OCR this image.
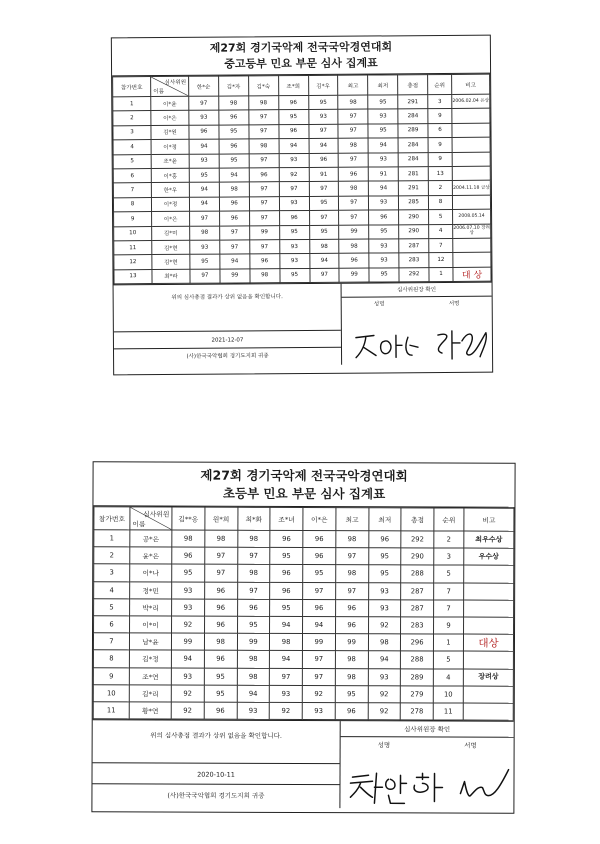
제27회 경기국악제 전국국악경연대회
중고등부 민요 부문 심사 집계표
참가번호	심사위원
이름	한*순	김*자	김*숙	조*희	김*우	최고	최저	총점	순위	비고
1	이*윤	97	98	98	96	95	98	95	291	3	2006.02.04 은상
2	이*은	93	96	97	95	93	97	93	284	9	
3	김*원	96	95	97	96	97	97	95	289	6	
4	이*정	94	96	98	94	94	98	94	284	9	
5	조*윤	93	95	97	93	96	97	93	284	9	
6	이*홍	95	94	96	92	91	96	91	281	13	
7	한*우	94	98	97	97	97	98	94	291	2	2004.11.18 금상
8	이*정	94	96	97	93	95	97	93	285	8	
9	이*은	97	96	97	96	97	97	96	290	5	2008.05.14
10	김*미	98	97	99	95	95	99	95	290	4	2006.07.10 장려상
11	김*현	93	97	97	93	98	98	93	287	7	
12	김*현	95	94	96	93	94	96	93	283	12	
13	최*라	97	99	98	95	97	99	95	292	1	대 상
위의 심사총점 결과가 상위 없음을 확인합니다.
2021-12-07
(사)한국국악협회 경기도지회 귀중
심사위원장 확인
성명	서명
제27회 경기국악제 전국국악경연대회
초등부 민요 부문 심사 집계표
참가번호	심사위원
이름	김**옹	원*희	최*화	조*녀	이*은	최고	최저	총점	순위	비고
1	공*은	98	98	98	96	96	98	96	292	2	최우수상
2	윤*은	96	97	97	95	96	97	95	290	3	우수상
3	이*나	95	97	98	96	95	98	95	288	5	
4	정*민	93	96	97	96	97	97	93	287	7	
5	박*리	93	96	96	95	96	96	93	287	7	
6	이*이	92	96	95	94	94	96	92	283	9	
7	남*윤	99	98	99	98	99	99	98	296	1	대상
8	김*정	94	96	98	94	97	98	94	288	5	
9	조*연	93	95	98	97	97	98	93	289	4	장려상
10	김*리	92	95	94	93	92	95	92	279	10	
11	황*연	92	96	93	92	93	96	92	278	11	
위의 심사총점 결과가 상위 없음을 확인합니다.
2020-10-11
(사)한국국악협회 경기도지회 귀중
심사위원장 확인
성명	서명
